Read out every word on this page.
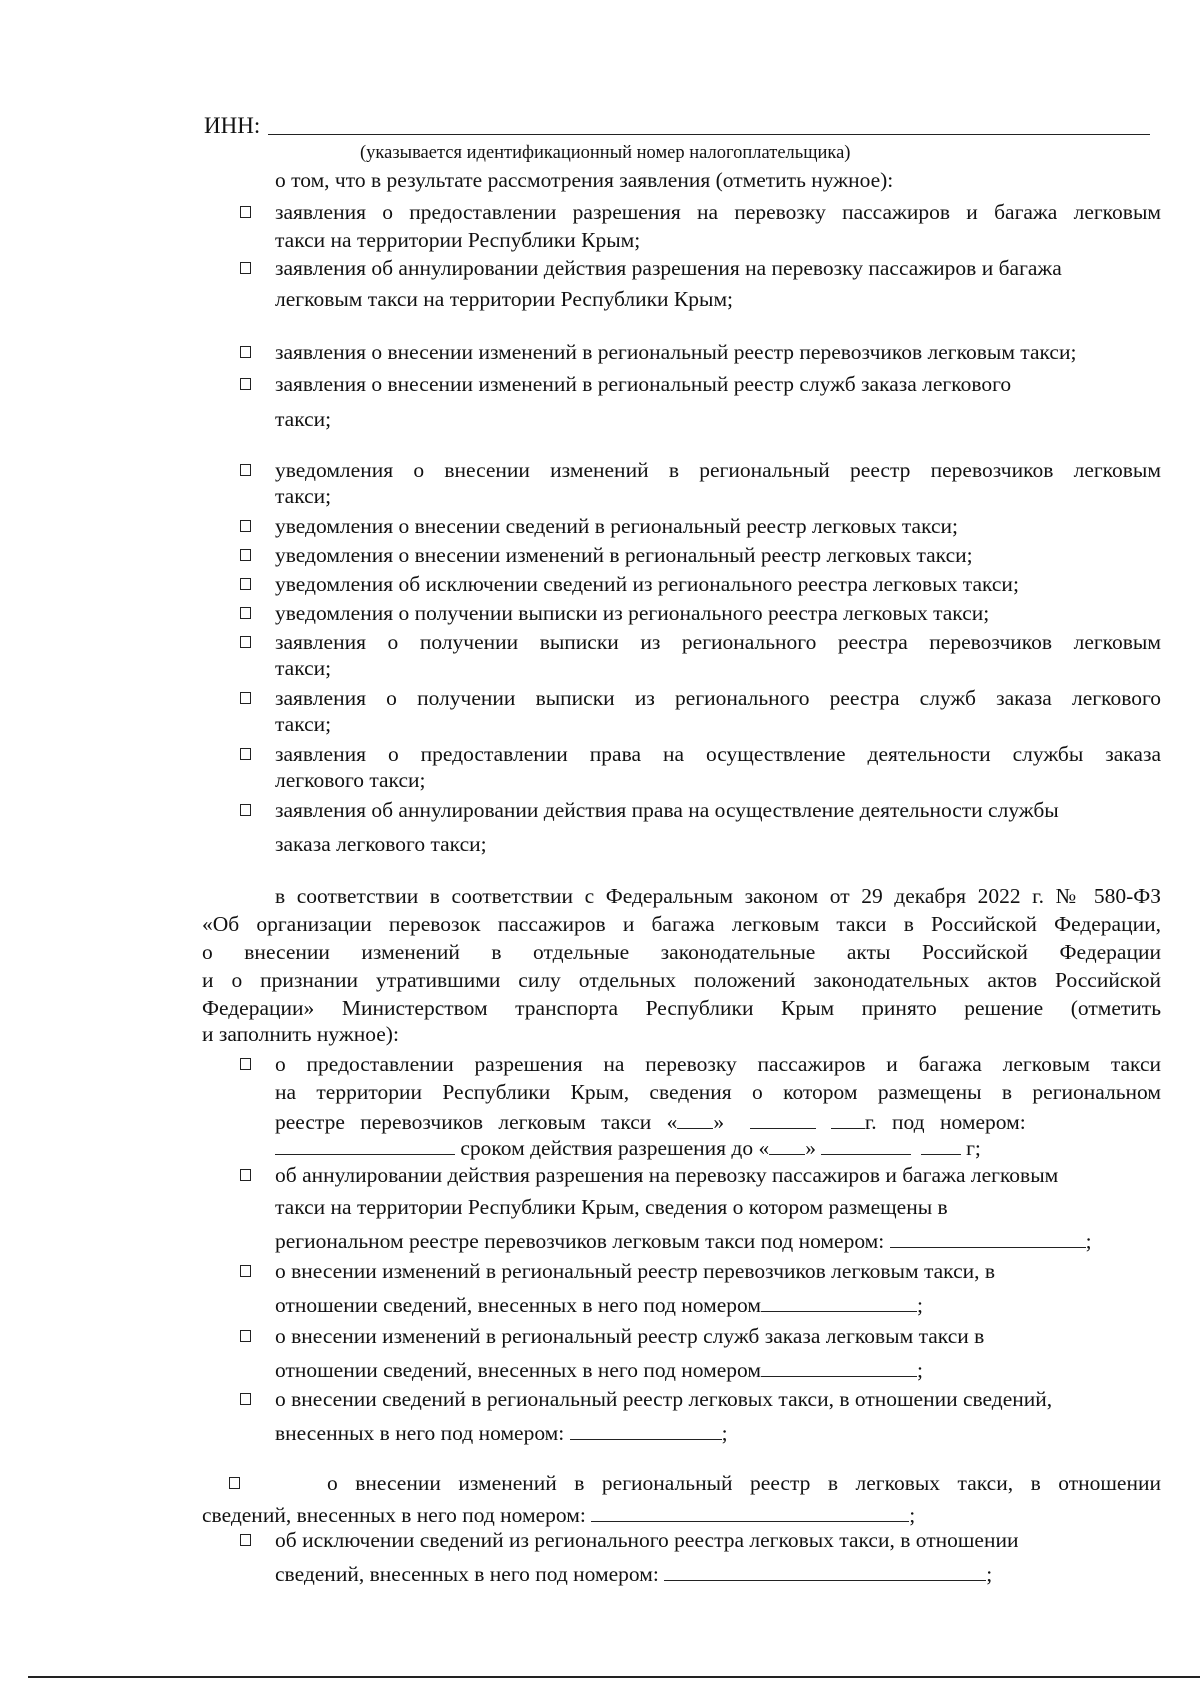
ИНН:
(указывается идентификационный номер налогоплательщика)
о том, что в результате рассмотрения заявления (отметить нужное):
заявления о предоставлении разрешения на перевозку пассажиров и багажа легковым
такси на территории Республики Крым;
заявления об аннулировании действия разрешения на перевозку пассажиров и багажа
легковым такси на территории Республики Крым;
заявления о внесении изменений в региональный реестр перевозчиков легковым такси;
заявления о внесении изменений в региональный реестр служб заказа легкового
такси;
уведомления о внесении изменений в региональный реестр перевозчиков легковым
такси;
уведомления о внесении сведений в региональный реестр легковых такси;
уведомления о внесении изменений в региональный реестр легковых такси;
уведомления об исключении сведений из регионального реестра легковых такси;
уведомления о получении выписки из регионального реестра легковых такси;
заявления о получении выписки из регионального реестра перевозчиков легковым
такси;
заявления о получении выписки из регионального реестра служб заказа легкового
такси;
заявления о предоставлении права на осуществление деятельности службы заказа
легкового такси;
заявления об аннулировании действия права на осуществление деятельности службы
заказа легкового такси;
в соответствии в соответствии с Федеральным законом от 29 декабря 2022 г. № 580-ФЗ
«Об организации перевозок пассажиров и багажа легковым такси в Российской Федерации,
о внесении изменений в отдельные законодательные акты Российской Федерации
и о признании утратившими силу отдельных положений законодательных актов Российской
Федерации» Министерством транспорта Республики Крым принято решение (отметить
и заполнить нужное):
о предоставлении разрешения на перевозку пассажиров и багажа легковым такси
на территории Республики Крым, сведения о котором размещены в региональном
реестре перевозчиков легковым такси « »	г. под номером:
сроком действия разрешения до « »	г;
об аннулировании действия разрешения на перевозку пассажиров и багажа легковым
такси на территории Республики Крым, сведения о котором размещены в
региональном реестре перевозчиков легковым такси под номером:	;
о внесении изменений в региональный реестр перевозчиков легковым такси, в
отношении сведений, внесенных в него под номером	;
о внесении изменений в региональный реестр служб заказа легковым такси в
отношении сведений, внесенных в него под номером	;
о внесении сведений в региональный реестр легковых такси, в отношении сведений,
внесенных в него под номером:	;
о внесении изменений в региональный реестр в легковых такси, в отношении
сведений, внесенных в него под номером:	;
об исключении сведений из регионального реестра легковых такси, в отношении
сведений, внесенных в него под номером:	;
